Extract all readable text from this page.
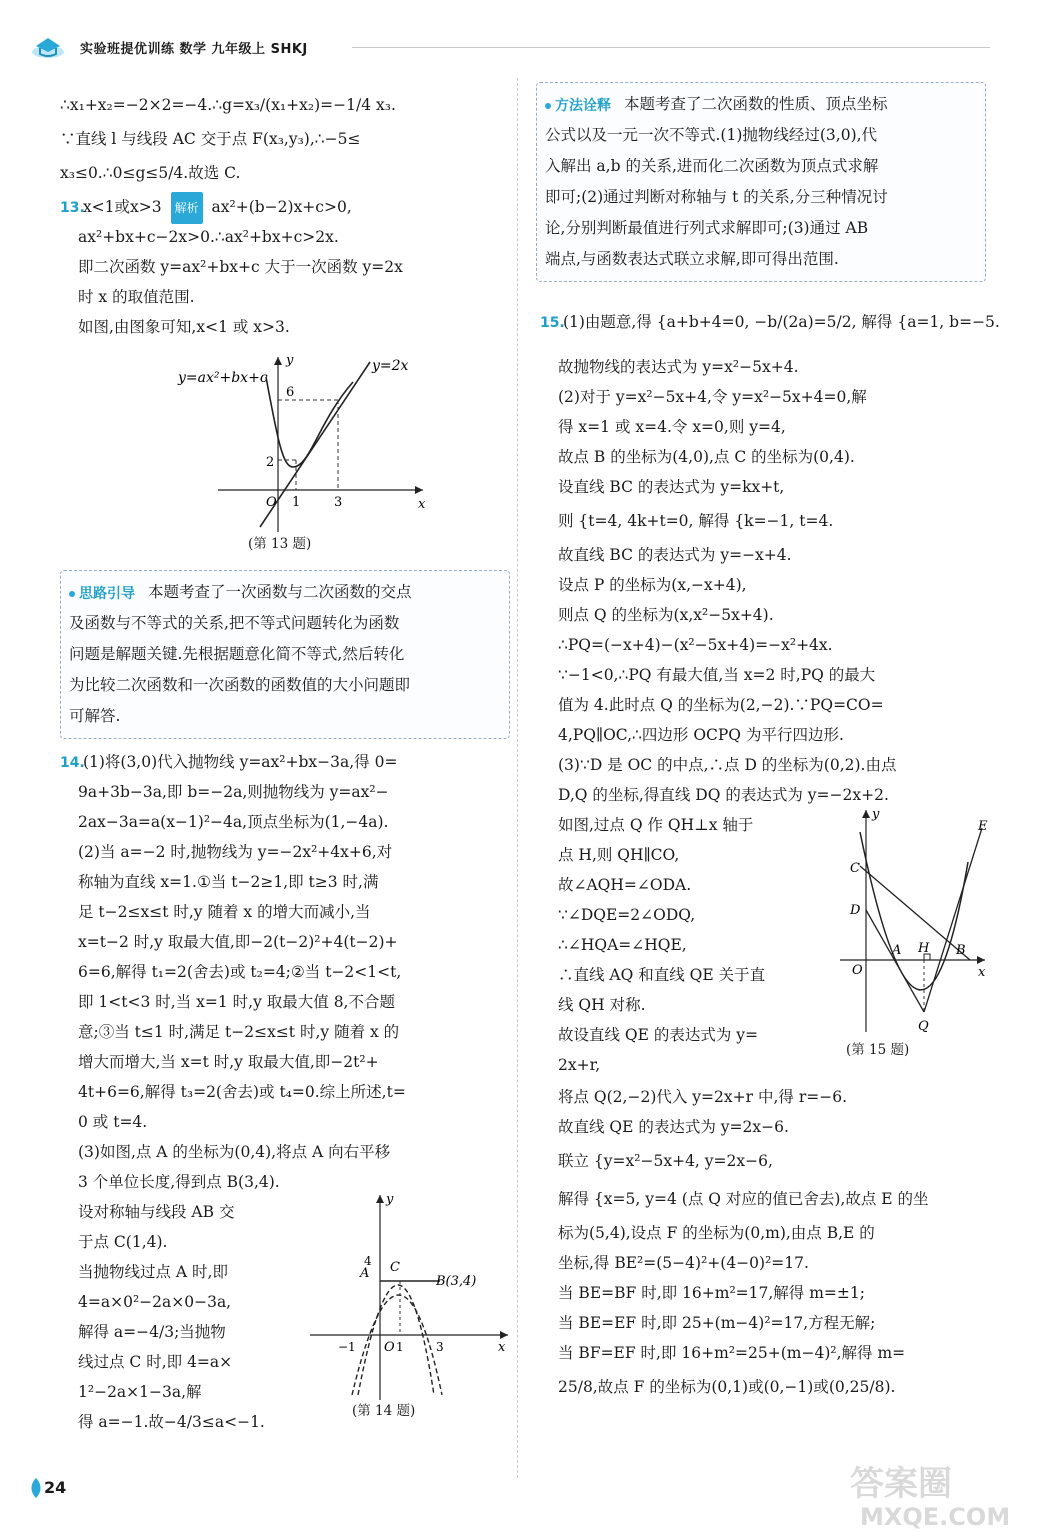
实验班提优训练 数学 九年级上 SHKJ
∴x₁+x₂=−2×2=−4.∴g=x₃/(x₁+x₂)=−1/4 x₃.
∵直线 l 与线段 AC 交于点 F(x₃,y₃),∴−5≤
x₃≤0.∴0≤g≤5/4.故选 C.
13. x<1或x>3 解析 ax²+(b−2)x+c>0,
ax²+bx+c−2x>0.∴ax²+bx+c>2x.
即二次函数 y=ax²+bx+c 大于一次函数 y=2x
时 x 的取值范围.
如图,由图象可知,x<1 或 x>3.
y=ax²+bx+c
y=2x
y
x
O
6
2
1	3
(第 13 题)
思路引导 本题考查了一次函数与二次函数的交点
及函数与不等式的关系,把不等式问题转化为函数
问题是解题关键.先根据题意化简不等式,然后转化
为比较二次函数和一次函数的函数值的大小问题即
可解答.
14. (1)将(3,0)代入抛物线 y=ax²+bx−3a,得 0=
9a+3b−3a,即 b=−2a,则抛物线为 y=ax²−
2ax−3a=a(x−1)²−4a,顶点坐标为(1,−4a).
(2)当 a=−2 时,抛物线为 y=−2x²+4x+6,对
称轴为直线 x=1.①当 t−2≥1,即 t≥3 时,满
足 t−2≤x≤t 时,y 随着 x 的增大而减小,当
x=t−2 时,y 取最大值,即−2(t−2)²+4(t−2)+
6=6,解得 t₁=2(舍去)或 t₂=4;②当 t−2<1<t,
即 1<t<3 时,当 x=1 时,y 取最大值 8,不合题
意;③当 t≤1 时,满足 t−2≤x≤t 时,y 随着 x 的
增大而增大,当 x=t 时,y 取最大值,即−2t²+
4t+6=6,解得 t₃=2(舍去)或 t₄=0.综上所述,t=
0 或 t=4.
(3)如图,点 A 的坐标为(0,4),将点 A 向右平移
3 个单位长度,得到点 B(3,4).
设对称轴与线段 AB 交
于点 C(1,4).
当抛物线过点 A 时,即
4=a×0²−2a×0−3a,
解得 a=−4/3;当抛物
线过点 C 时,即 4=a×
1²−2a×1−3a,解
得 a=−1.故−4/3≤a<−1.
y
x
O
A C
B(3,4)
4
−1	1	3
(第 14 题)
方法诠释 本题考查了二次函数的性质、顶点坐标
公式以及一元一次不等式.(1)抛物线经过(3,0),代
入解出 a,b 的关系,进而化二次函数为顶点式求解
即可;(2)通过判断对称轴与 t 的关系,分三种情况讨
论,分别判断最值进行列式求解即可;(3)通过 AB
端点,与函数表达式联立求解,即可得出范围.
15. (1)由题意,得 {a+b+4=0, −b/(2a)=5/2, 解得 {a=1, b=−5.
故抛物线的表达式为 y=x²−5x+4.
(2)对于 y=x²−5x+4,令 y=x²−5x+4=0,解
得 x=1 或 x=4.令 x=0,则 y=4,
故点 B 的坐标为(4,0),点 C 的坐标为(0,4).
设直线 BC 的表达式为 y=kx+t,
则 {t=4, 4k+t=0, 解得 {k=−1, t=4.
故直线 BC 的表达式为 y=−x+4.
设点 P 的坐标为(x,−x+4),
则点 Q 的坐标为(x,x²−5x+4).
∴PQ=(−x+4)−(x²−5x+4)=−x²+4x.
∵−1<0,∴PQ 有最大值,当 x=2 时,PQ 的最大
值为 4.此时点 Q 的坐标为(2,−2).∵PQ=CO=
4,PQ∥OC,∴四边形 OCPQ 为平行四边形.
(3)∵D 是 OC 的中点,∴点 D 的坐标为(0,2).由点
D,Q 的坐标,得直线 DQ 的表达式为 y=−2x+2.
如图,过点 Q 作 QH⊥x 轴于
点 H,则 QH∥CO,
故∠AQH=∠ODA.
∵∠DQE=2∠ODQ,
∴∠HQA=∠HQE,
∴直线 AQ 和直线 QE 关于直
线 QH 对称.
故设直线 QE 的表达式为 y=
2x+r,
y
x
O
C
D
A H B
E
Q
(第 15 题)
将点 Q(2,−2)代入 y=2x+r 中,得 r=−6.
故直线 QE 的表达式为 y=2x−6.
联立 {y=x²−5x+4, y=2x−6,
解得 {x=5, y=4 (点 Q 对应的值已舍去),故点 E 的坐
标为(5,4),设点 F 的坐标为(0,m),由点 B,E 的
坐标,得 BE²=(5−4)²+(4−0)²=17.
当 BE=BF 时,即 16+m²=17,解得 m=±1;
当 BE=EF 时,即 25+(m−4)²=17,方程无解;
当 BF=EF 时,即 16+m²=25+(m−4)²,解得 m=
25/8,故点 F 的坐标为(0,1)或(0,−1)或(0,25/8).
24	答案圈
MXQE.COM
